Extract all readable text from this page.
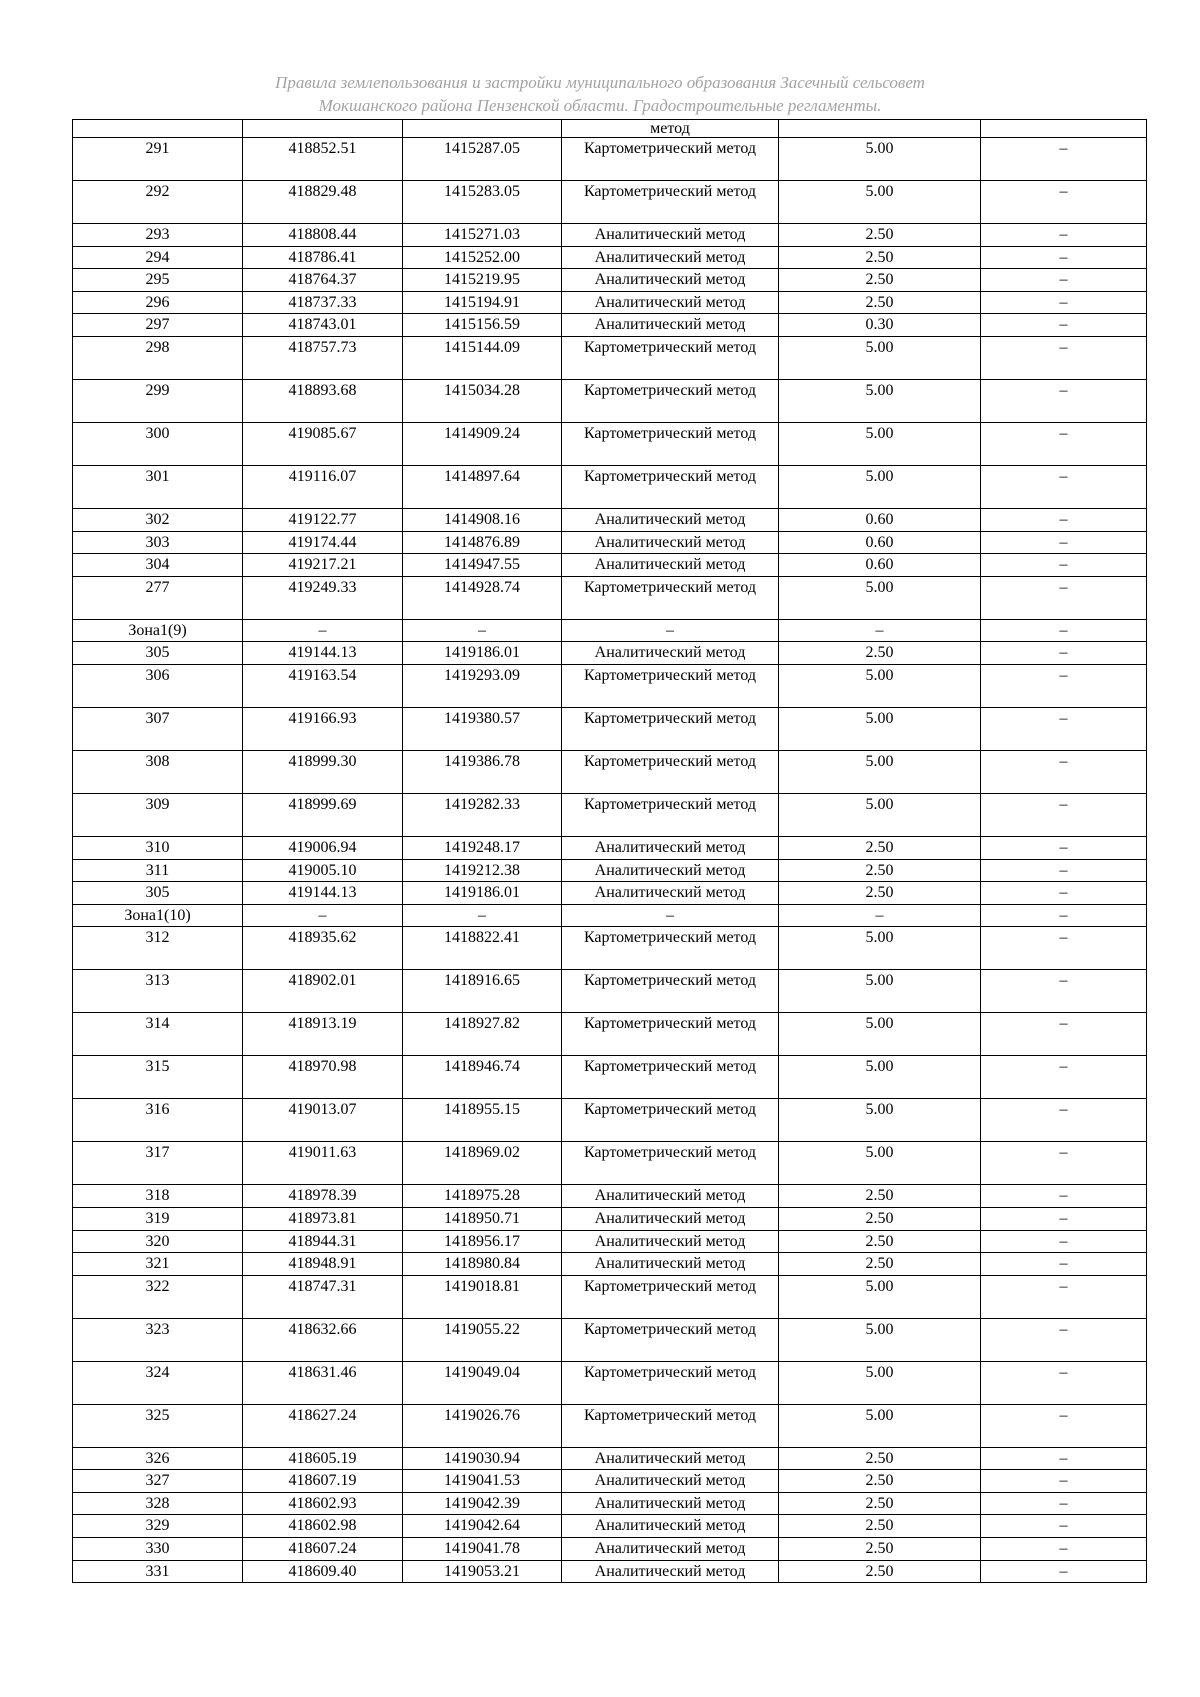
Правила землепользования и застройки муниципального образования Засечный сельсовет
Мокшанского района Пензенской области. Градостроительные регламенты.
			метод		
291	418852.51	1415287.05	Картометрический метод	5.00	–
292	418829.48	1415283.05	Картометрический метод	5.00	–
293	418808.44	1415271.03	Аналитический метод	2.50	–
294	418786.41	1415252.00	Аналитический метод	2.50	–
295	418764.37	1415219.95	Аналитический метод	2.50	–
296	418737.33	1415194.91	Аналитический метод	2.50	–
297	418743.01	1415156.59	Аналитический метод	0.30	–
298	418757.73	1415144.09	Картометрический метод	5.00	–
299	418893.68	1415034.28	Картометрический метод	5.00	–
300	419085.67	1414909.24	Картометрический метод	5.00	–
301	419116.07	1414897.64	Картометрический метод	5.00	–
302	419122.77	1414908.16	Аналитический метод	0.60	–
303	419174.44	1414876.89	Аналитический метод	0.60	–
304	419217.21	1414947.55	Аналитический метод	0.60	–
277	419249.33	1414928.74	Картометрический метод	5.00	–
Зона1(9)	–	–	–	–	–
305	419144.13	1419186.01	Аналитический метод	2.50	–
306	419163.54	1419293.09	Картометрический метод	5.00	–
307	419166.93	1419380.57	Картометрический метод	5.00	–
308	418999.30	1419386.78	Картометрический метод	5.00	–
309	418999.69	1419282.33	Картометрический метод	5.00	–
310	419006.94	1419248.17	Аналитический метод	2.50	–
311	419005.10	1419212.38	Аналитический метод	2.50	–
305	419144.13	1419186.01	Аналитический метод	2.50	–
Зона1(10)	–	–	–	–	–
312	418935.62	1418822.41	Картометрический метод	5.00	–
313	418902.01	1418916.65	Картометрический метод	5.00	–
314	418913.19	1418927.82	Картометрический метод	5.00	–
315	418970.98	1418946.74	Картометрический метод	5.00	–
316	419013.07	1418955.15	Картометрический метод	5.00	–
317	419011.63	1418969.02	Картометрический метод	5.00	–
318	418978.39	1418975.28	Аналитический метод	2.50	–
319	418973.81	1418950.71	Аналитический метод	2.50	–
320	418944.31	1418956.17	Аналитический метод	2.50	–
321	418948.91	1418980.84	Аналитический метод	2.50	–
322	418747.31	1419018.81	Картометрический метод	5.00	–
323	418632.66	1419055.22	Картометрический метод	5.00	–
324	418631.46	1419049.04	Картометрический метод	5.00	–
325	418627.24	1419026.76	Картометрический метод	5.00	–
326	418605.19	1419030.94	Аналитический метод	2.50	–
327	418607.19	1419041.53	Аналитический метод	2.50	–
328	418602.93	1419042.39	Аналитический метод	2.50	–
329	418602.98	1419042.64	Аналитический метод	2.50	–
330	418607.24	1419041.78	Аналитический метод	2.50	–
331	418609.40	1419053.21	Аналитический метод	2.50	–
